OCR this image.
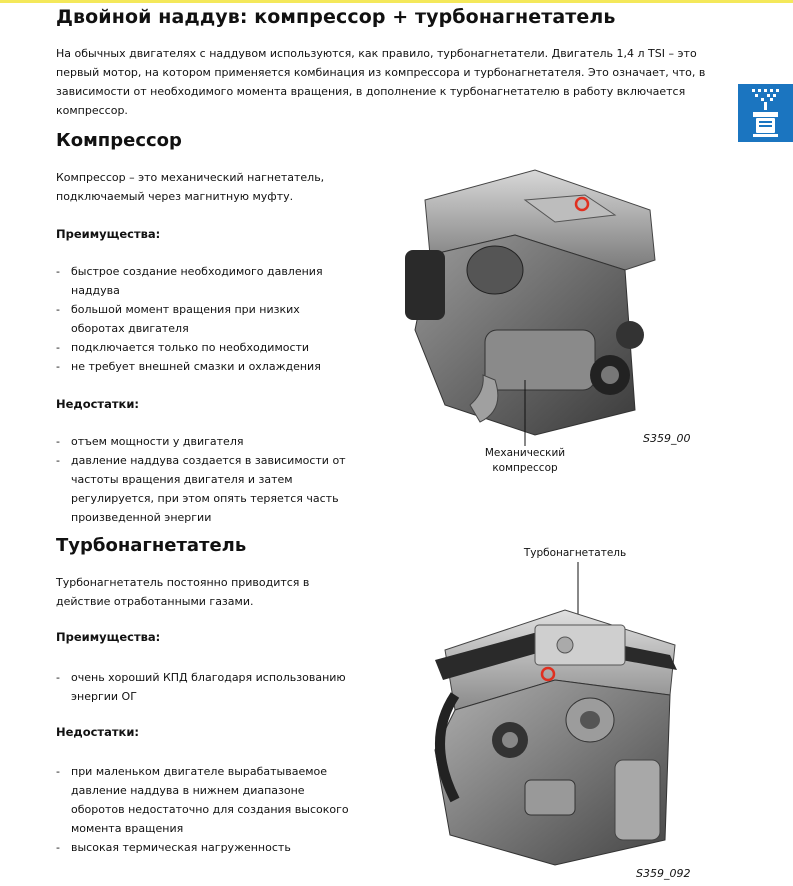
Двойной наддув: компрессор + турбонагнетатель
На обычных двигателях с наддувом используются, как правило, турбонагнетатели. Двигатель 1,4 л TSI – это первый мотор, на котором применяется комбинация из компрессора и турбонагнетателя. Это означает, что, в зависимости от необходимого момента вращения, в дополнение к турбонагнетателю в работу включается компрессор.
Компрессор
Компрессор – это механический нагнетатель, подключаемый через магнитную муфту.
Преимущества:
- быстрое создание необходимого давления наддува
- большой момент вращения при низких оборотах двигателя
- подключается только по необходимости
- не требует внешней смазки и охлаждения
Недостатки:
- отъем мощности у двигателя
- давление наддува создается в зависимости от частоты вращения двигателя и затем регулируется, при этом опять теряется часть произведенной энергии
Механический компрессор
S359_00
Турбонагнетатель
Турбонагнетатель постоянно приводится в действие отработанными газами.
Преимущества:
- очень хороший КПД благодаря использованию энергии ОГ
Недостатки:
- при маленьком двигателе вырабатываемое давление наддува в нижнем диапазоне оборотов недостаточно для создания высокого момента вращения
- высокая термическая нагруженность
Турбонагнетатель
S359_092
